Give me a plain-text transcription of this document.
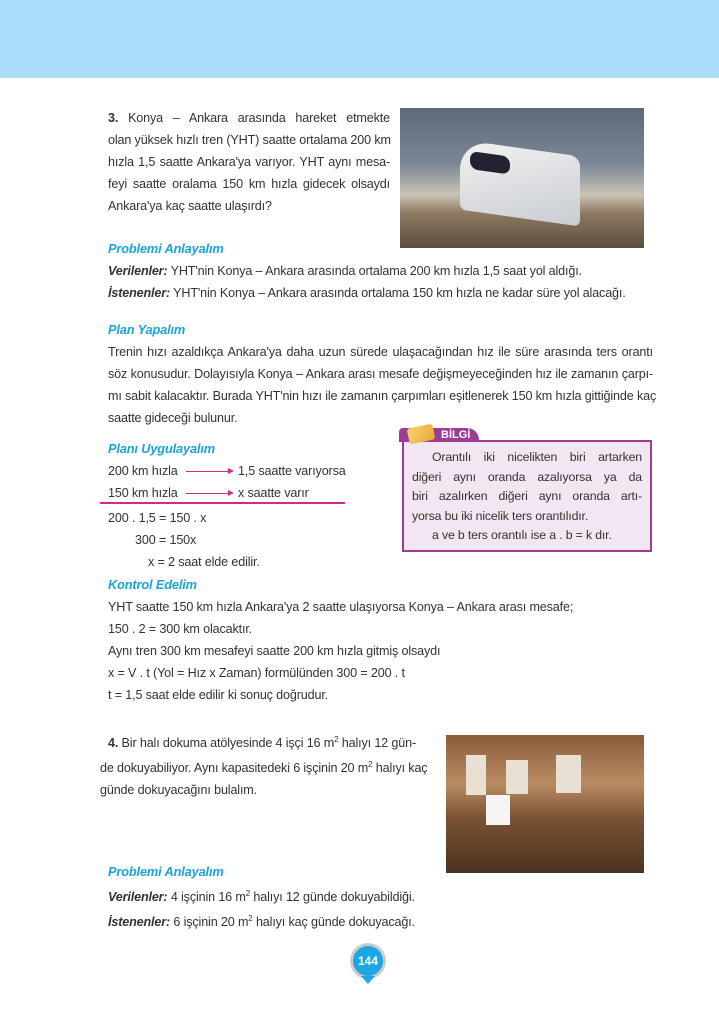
3. Konya – Ankara arasında hareket etmekte
olan yüksek hızlı tren (YHT) saatte ortalama 200 km
hızla 1,5 saatte Ankara'ya varıyor. YHT aynı mesa-
feyi saatte oralama 150 km hızla gidecek olsaydı
Ankara'ya kaç saatte ulaşırdı?
Problemi Anlayalım
Verilenler: YHT'nin Konya – Ankara arasında ortalama 200 km hızla 1,5 saat yol aldığı.
İstenenler: YHT'nin Konya – Ankara arasında ortalama 150 km hızla ne kadar süre yol alacağı.
Plan Yapalım
Trenin hızı azaldıkça Ankara'ya daha uzun sürede ulaşacağından hız ile süre arasında ters orantı
söz konusudur. Dolayısıyla Konya – Ankara arası mesafe değişmeyeceğinden hız ile zamanın çarpı-
mı sabit kalacaktır. Burada YHT'nin hızı ile zamanın çarpımları eşitlenerek 150 km hızla gittiğinde kaç
saatte gideceği bulunur.
Planı Uygulayalım
200 km hızla	1,5 saatte varıyorsa
150 km hızla	x saatte varır
200 . 1,5 = 150 . x
300 = 150x
x = 2 saat elde edilir.
Orantılı iki nicelikten biri artarken
diğeri aynı oranda azalıyorsa ya da
biri azalırken diğeri aynı oranda artı-
yorsa bu iki nicelik ters orantılıdır.
a ve b ters orantılı ise a . b = k dır.
BİLGİ
Kontrol Edelim
YHT saatte 150 km hızla Ankara'ya 2 saatte ulaşıyorsa Konya – Ankara arası mesafe;
150 . 2 = 300 km olacaktır.
Aynı tren 300 km mesafeyi saatte 200 km hızla gitmiş olsaydı
x = V . t (Yol = Hız x Zaman) formülünden 300 = 200 . t
t = 1,5 saat elde edilir ki sonuç doğrudur.
4. Bir halı dokuma atölyesinde 4 işçi 16 $m^2$ halıyı 12 gün-
de dokuyabiliyor. Aynı kapasitedeki 6 işçinin 20 $m^2$ halıyı kaç
günde dokuyacağını bulalım.
Problemi Anlayalım
Verilenler: 4 işçinin 16 $m^2$ halıyı 12 günde dokuyabildiği.
İstenenler: 6 işçinin 20 $m^2$ halıyı kaç günde dokuyacağı.
144
